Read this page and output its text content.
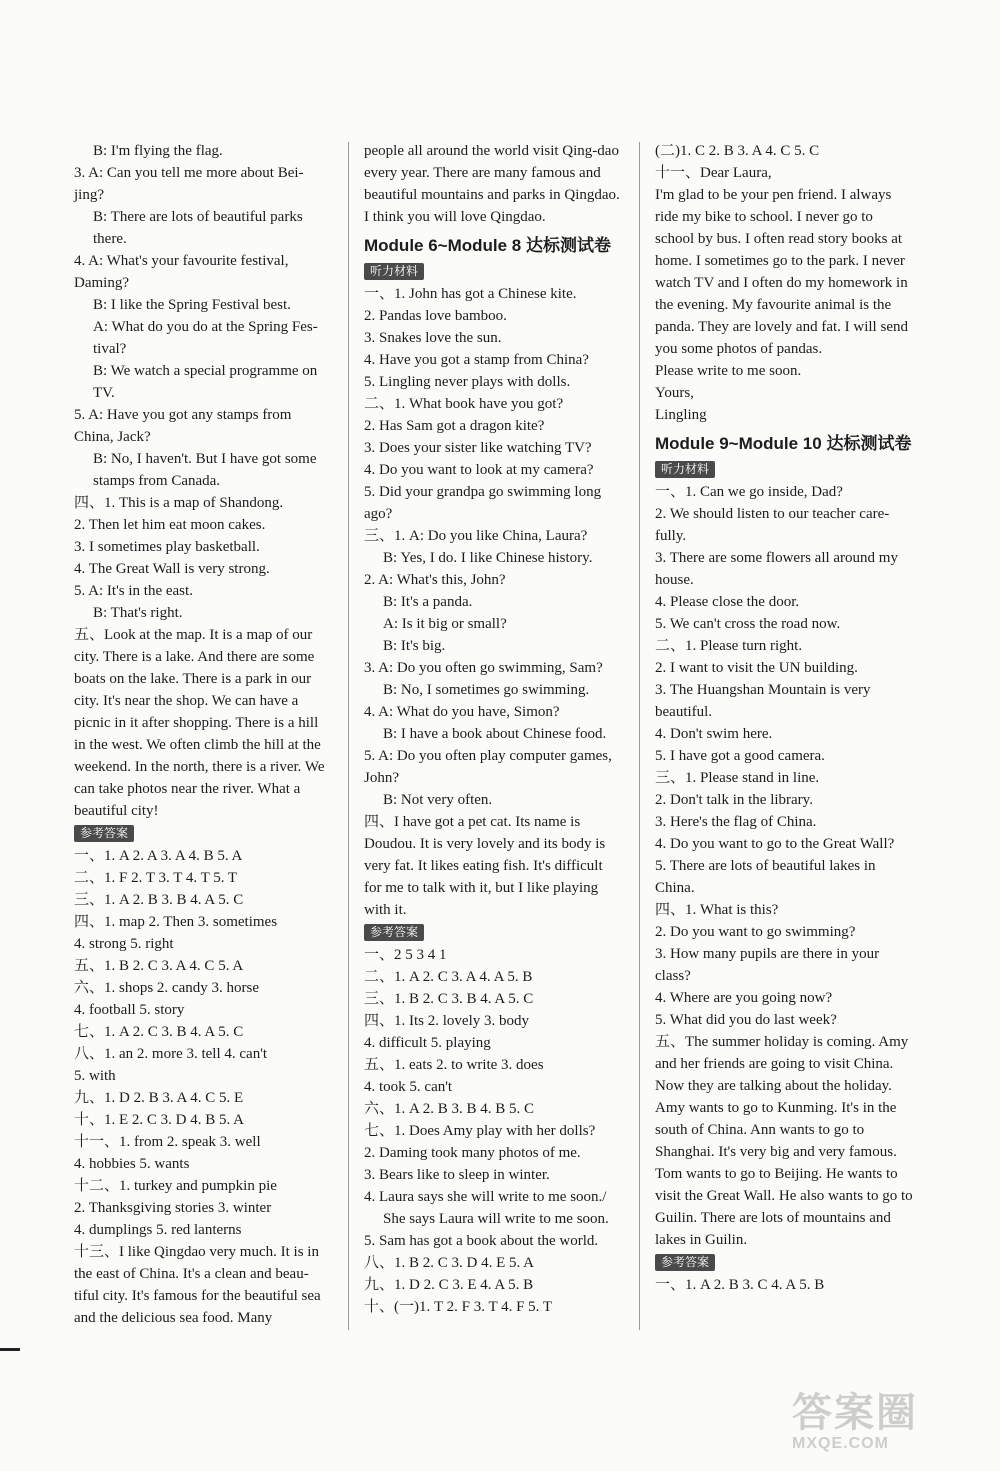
B: I'm flying the flag.
3. A: Can you tell me more about Bei-jing?
B: There are lots of beautiful parks there.
4. A: What's your favourite festival, Daming?
B: I like the Spring Festival best.
A: What do you do at the Spring Fes-tival?
B: We watch a special programme on TV.
5. A: Have you got any stamps from China, Jack?
B: No, I haven't. But I have got some stamps from Canada.
四、1. This is a map of Shandong.
2. Then let him eat moon cakes.
3. I sometimes play basketball.
4. The Great Wall is very strong.
5. A: It's in the east.
B: That's right.
五、Look at the map. It is a map of our city. There is a lake. And there are some boats on the lake. There is a park in our city. It's near the shop. We can have a picnic in it after shopping. There is a hill in the west. We often climb the hill at the weekend. In the north, there is a river. We can take photos near the river. What a beautiful city!
参考答案
一、1. A 2. A 3. A 4. B 5. A
二、1. F 2. T 3. T 4. T 5. T
三、1. A 2. B 3. B 4. A 5. C
四、1. map 2. Then 3. sometimes
4. strong 5. right
五、1. B 2. C 3. A 4. C 5. A
六、1. shops 2. candy 3. horse
4. football 5. story
七、1. A 2. C 3. B 4. A 5. C
八、1. an 2. more 3. tell 4. can't
5. with
九、1. D 2. B 3. A 4. C 5. E
十、1. E 2. C 3. D 4. B 5. A
十一、1. from 2. speak 3. well
4. hobbies 5. wants
十二、1. turkey and pumpkin pie
2. Thanksgiving stories 3. winter
4. dumplings 5. red lanterns
十三、I like Qingdao very much. It is in the east of China. It's a clean and beau-tiful city. It's famous for the beautiful sea and the delicious sea food. Many
people all around the world visit Qing-dao every year. There are many famous and beautiful mountains and parks in Qingdao. I think you will love Qingdao.
Module 6~Module 8 达标测试卷
听力材料
一、1. John has got a Chinese kite.
2. Pandas love bamboo.
3. Snakes love the sun.
4. Have you got a stamp from China?
5. Lingling never plays with dolls.
二、1. What book have you got?
2. Has Sam got a dragon kite?
3. Does your sister like watching TV?
4. Do you want to look at my camera?
5. Did your grandpa go swimming long ago?
三、1. A: Do you like China, Laura?
B: Yes, I do. I like Chinese history.
2. A: What's this, John?
B: It's a panda.
A: Is it big or small?
B: It's big.
3. A: Do you often go swimming, Sam?
B: No, I sometimes go swimming.
4. A: What do you have, Simon?
B: I have a book about Chinese food.
5. A: Do you often play computer games, John?
B: Not very often.
四、I have got a pet cat. Its name is Doudou. It is very lovely and its body is very fat. It likes eating fish. It's difficult for me to talk with it, but I like playing with it.
参考答案
一、2 5 3 4 1
二、1. A 2. C 3. A 4. A 5. B
三、1. B 2. C 3. B 4. A 5. C
四、1. Its 2. lovely 3. body
4. difficult 5. playing
五、1. eats 2. to write 3. does
4. took 5. can't
六、1. A 2. B 3. B 4. B 5. C
七、1. Does Amy play with her dolls?
2. Daming took many photos of me.
3. Bears like to sleep in winter.
4. Laura says she will write to me soon./
She says Laura will write to me soon.
5. Sam has got a book about the world.
八、1. B 2. C 3. D 4. E 5. A
九、1. D 2. C 3. E 4. A 5. B
十、(一)1. T 2. F 3. T 4. F 5. T
(二)1. C 2. B 3. A 4. C 5. C
十一、Dear Laura,
I'm glad to be your pen friend. I always ride my bike to school. I never go to school by bus. I often read story books at home. I sometimes go to the park. I never watch TV and I often do my homework in the evening. My favourite animal is the panda. They are lovely and fat. I will send you some photos of pandas.
Please write to me soon.
Yours,
Lingling
Module 9~Module 10 达标测试卷
听力材料
一、1. Can we go inside, Dad?
2. We should listen to our teacher care-fully.
3. There are some flowers all around my house.
4. Please close the door.
5. We can't cross the road now.
二、1. Please turn right.
2. I want to visit the UN building.
3. The Huangshan Mountain is very beautiful.
4. Don't swim here.
5. I have got a good camera.
三、1. Please stand in line.
2. Don't talk in the library.
3. Here's the flag of China.
4. Do you want to go to the Great Wall?
5. There are lots of beautiful lakes in China.
四、1. What is this?
2. Do you want to go swimming?
3. How many pupils are there in your class?
4. Where are you going now?
5. What did you do last week?
五、The summer holiday is coming. Amy and her friends are going to visit China. Now they are talking about the holiday. Amy wants to go to Kunming. It's in the south of China. Ann wants to go to Shanghai. It's very big and very famous. Tom wants to go to Beijing. He wants to visit the Great Wall. He also wants to go to Guilin. There are lots of mountains and lakes in Guilin.
参考答案
一、1. A 2. B 3. C 4. A 5. B
答案圈
MXQE.COM
